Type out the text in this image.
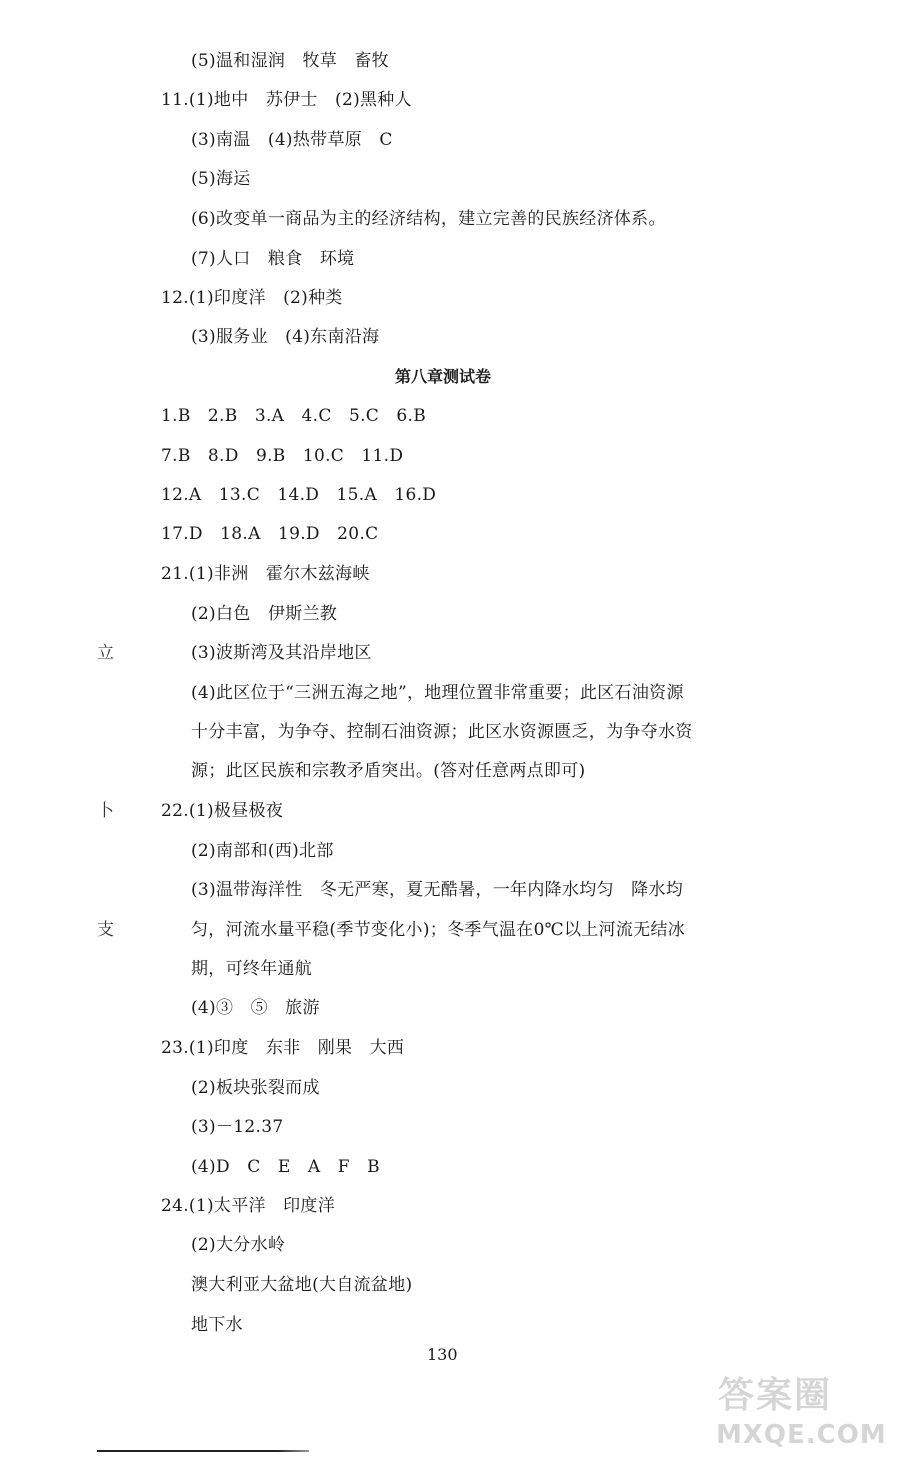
(5)温和湿润　牧草　畜牧
11.(1)地中　苏伊士　(2)黑种人
(3)南温　(4)热带草原　C
(5)海运
(6)改变单一商品为主的经济结构，建立完善的民族经济体系。
(7)人口　粮食　环境
12.(1)印度洋　(2)种类
(3)服务业　(4)东南沿海
第八章测试卷
1.B　2.B　3.A　4.C　5.C　6.B
7.B　8.D　9.B　10.C　11.D
12.A　13.C　14.D　15.A　16.D
17.D　18.A　19.D　20.C
21.(1)非洲　霍尔木兹海峡
(2)白色　伊斯兰教
(3)波斯湾及其沿岸地区
(4)此区位于“三洲五海之地”，地理位置非常重要；此区石油资源
十分丰富，为争夺、控制石油资源；此区水资源匮乏，为争夺水资
源；此区民族和宗教矛盾突出。(答对任意两点即可)
22.(1)极昼极夜
(2)南部和(西)北部
(3)温带海洋性　冬无严寒，夏无酷暑，一年内降水均匀　降水均
匀，河流水量平稳(季节变化小)；冬季气温在0℃以上河流无结冰
期，可终年通航
(4)③　⑤　旅游
23.(1)印度　东非　刚果　大西
(2)板块张裂而成
(3)－12.37
(4)D　C　E　A　F　B
24.(1)太平洋　印度洋
(2)大分水岭
澳大利亚大盆地(大自流盆地)
地下水
立
卜
支
130
答案圈
MXQE.COM
